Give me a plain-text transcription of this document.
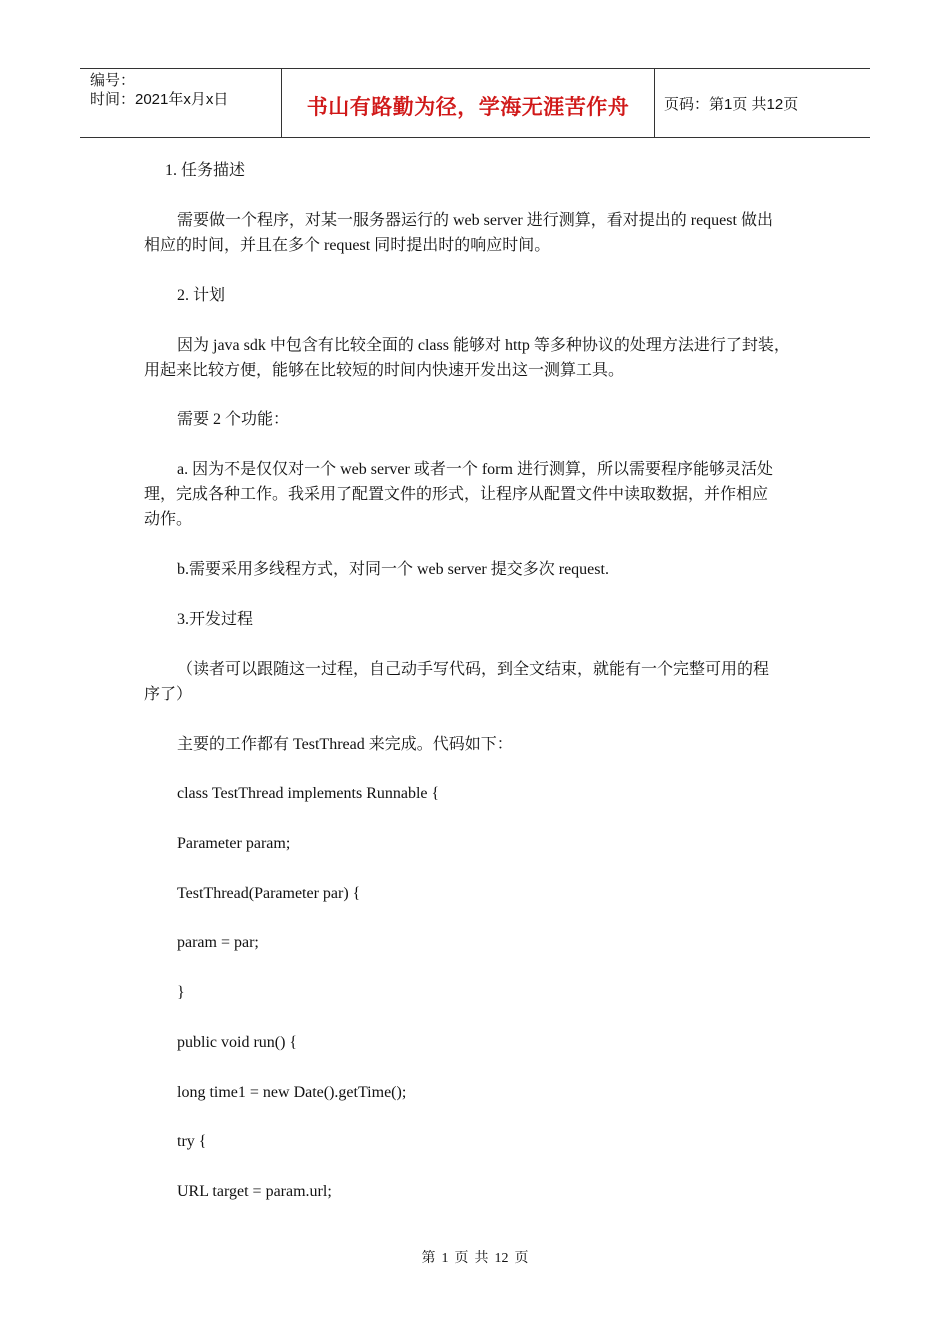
编号：
时间：2021年x月x日	书山有路勤为径，学海无涯苦作舟	页码：第1页 共12页
1. 任务描述
需要做一个程序，对某一服务器运行的 web server 进行测算，看对提出的 request 做出
相应的时间，并且在多个 request 同时提出时的响应时间。
2. 计划
因为 java sdk 中包含有比较全面的 class 能够对 http 等多种协议的处理方法进行了封装，
用起来比较方便，能够在比较短的时间内快速开发出这一测算工具。
需要 2 个功能：
a. 因为不是仅仅对一个 web server 或者一个 form 进行测算，所以需要程序能够灵活处
理，完成各种工作。我采用了配置文件的形式，让程序从配置文件中读取数据，并作相应
动作。
b.需要采用多线程方式，对同一个 web server 提交多次 request.
3.开发过程
（读者可以跟随这一过程，自己动手写代码，到全文结束，就能有一个完整可用的程
序了）
主要的工作都有 TestThread 来完成。代码如下：
class TestThread implements Runnable {
Parameter param;
TestThread(Parameter par) {
param = par;
}
public void run() {
long time1 = new Date().getTime();
try {
URL target = param.url;
第 1 页 共 12 页
